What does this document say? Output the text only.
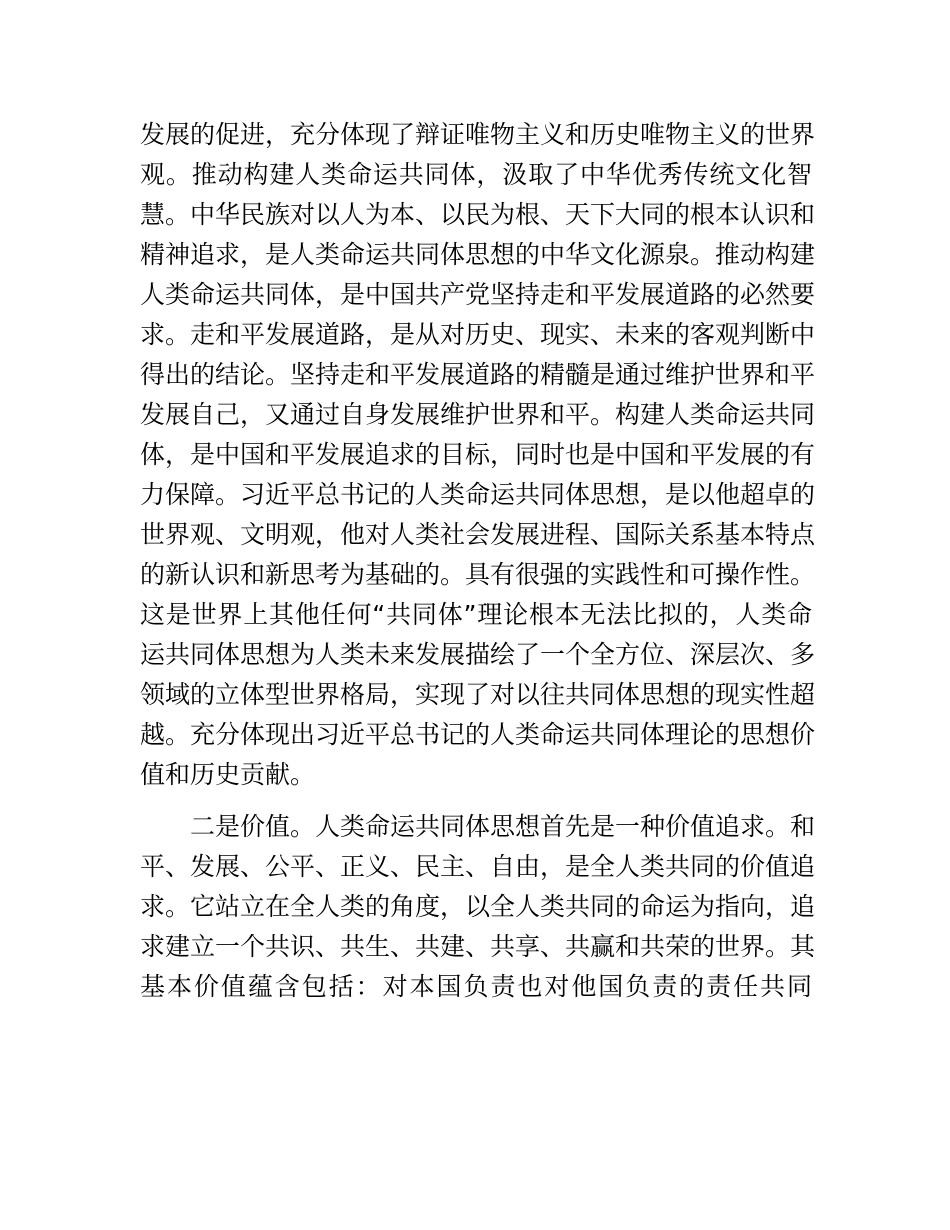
发展的促进，充分体现了辩证唯物主义和历史唯物主义的世界
观。推动构建人类命运共同体，汲取了中华优秀传统文化智
慧。中华民族对以人为本、以民为根、天下大同的根本认识和
精神追求，是人类命运共同体思想的中华文化源泉。推动构建
人类命运共同体，是中国共产党坚持走和平发展道路的必然要
求。走和平发展道路，是从对历史、现实、未来的客观判断中
得出的结论。坚持走和平发展道路的精髓是通过维护世界和平
发展自己，又通过自身发展维护世界和平。构建人类命运共同
体，是中国和平发展追求的目标，同时也是中国和平发展的有
力保障。习近平总书记的人类命运共同体思想，是以他超卓的
世界观、文明观，他对人类社会发展进程、国际关系基本特点
的新认识和新思考为基础的。具有很强的实践性和可操作性。
这是世界上其他任何“共同体”理论根本无法比拟的，人类命
运共同体思想为人类未来发展描绘了一个全方位、深层次、多
领域的立体型世界格局，实现了对以往共同体思想的现实性超
越。充分体现出习近平总书记的人类命运共同体理论的思想价
值和历史贡献。
　　二是价值。人类命运共同体思想首先是一种价值追求。和
平、发展、公平、正义、民主、自由，是全人类共同的价值追
求。它站立在全人类的角度，以全人类共同的命运为指向，追
求建立一个共识、共生、共建、共享、共赢和共荣的世界。其
基本价值蕴含包括：对本国负责也对他国负责的责任共同
